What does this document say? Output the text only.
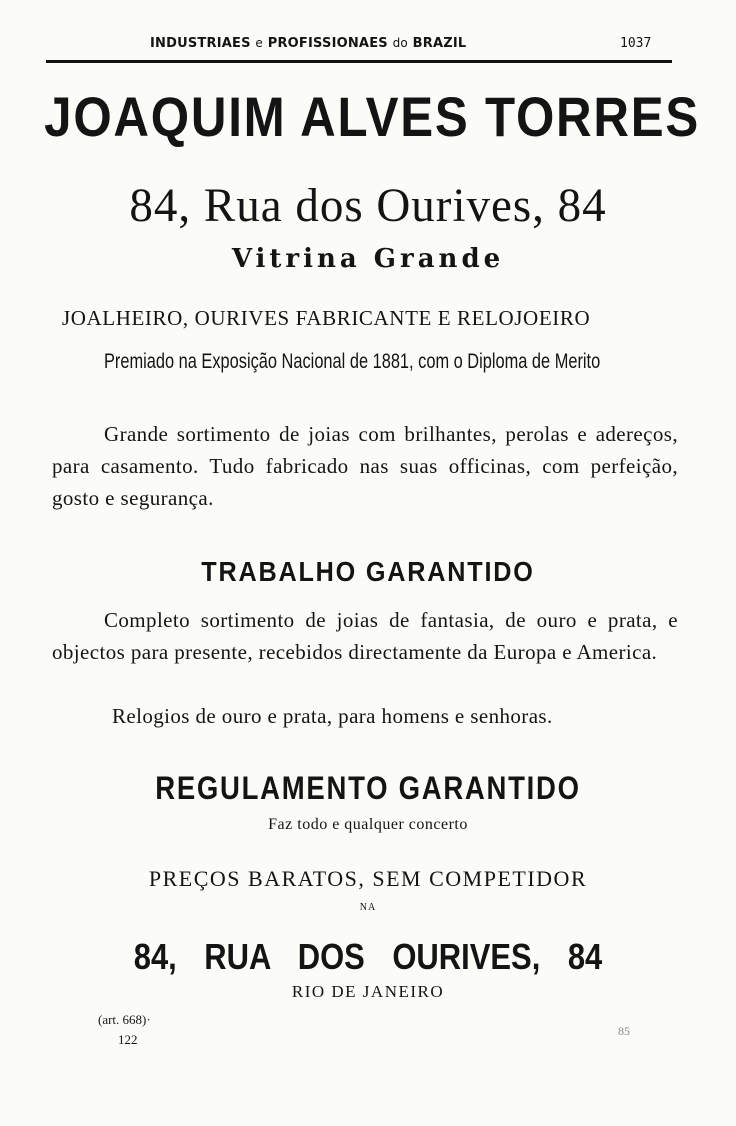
INDUSTRIAES e PROFISSIONAES do BRAZIL	1037
JOAQUIM ALVES TORRES
84, Rua dos Ourives, 84
Vitrina Grande
JOALHEIRO, OURIVES FABRICANTE E RELOJOEIRO
Premiado na Exposição Nacional de 1881, com o Diploma de Merito
Grande sortimento de joias com brilhantes, perolas e adereços, para casamento. Tudo fabricado nas suas officinas, com perfeição, gosto e segurança.
TRABALHO GARANTIDO
Completo sortimento de joias de fantasia, de ouro e prata, e objectos para presente, recebidos directamente da Europa e America.
Relogios de ouro e prata, para homens e senhoras.
REGULAMENTO GARANTIDO
Faz todo e qualquer concerto
PREÇOS BARATOS, SEM COMPETIDOR
NA
84, RUA DOS OURIVES, 84
RIO DE JANEIRO
(art. 668)·
122
85
